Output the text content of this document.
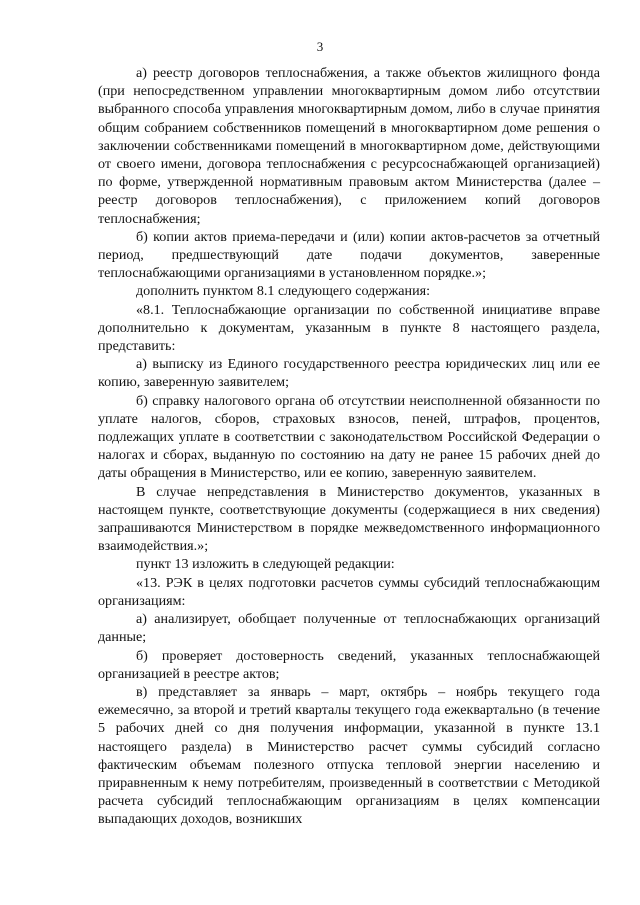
3

а) реестр договоров теплоснабжения, а также объектов жилищного фонда (при непосредственном управлении многоквартирным домом либо отсутствии выбранного способа управления многоквартирным домом, либо в случае принятия общим собранием собственников помещений в многоквартирном доме решения о заключении собственниками помещений в многоквартирном доме, действующими от своего имени, договора теплоснабжения с ресурсоснабжающей организацией) по форме, утвержденной нормативным правовым актом Министерства (далее – реестр договоров теплоснабжения), с приложением копий договоров теплоснабжения;

б) копии актов приема-передачи и (или) копии актов-расчетов за отчетный период, предшествующий дате подачи документов, заверенные теплоснабжающими организациями в установленном порядке.»;

дополнить пунктом 8.1 следующего содержания:

«8.1. Теплоснабжающие организации по собственной инициативе вправе дополнительно к документам, указанным в пункте 8 настоящего раздела, представить:

а) выписку из Единого государственного реестра юридических лиц или ее копию, заверенную заявителем;

б) справку налогового органа об отсутствии неисполненной обязанности по уплате налогов, сборов, страховых взносов, пеней, штрафов, процентов, подлежащих уплате в соответствии с законодательством Российской Федерации о налогах и сборах, выданную по состоянию на дату не ранее 15 рабочих дней до даты обращения в Министерство, или ее копию, заверенную заявителем.

В случае непредставления в Министерство документов, указанных в настоящем пункте, соответствующие документы (содержащиеся в них сведения) запрашиваются Министерством в порядке межведомственного информационного взаимодействия.»;

пункт 13 изложить в следующей редакции:

«13. РЭК в целях подготовки расчетов суммы субсидий теплоснабжающим организациям:

а) анализирует, обобщает полученные от теплоснабжающих организаций данные;

б) проверяет достоверность сведений, указанных теплоснабжающей организацией в реестре актов;

в) представляет за январь – март, октябрь – ноябрь текущего года ежемесячно, за второй и третий кварталы текущего года ежеквартально (в течение 5 рабочих дней со дня получения информации, указанной в пункте 13.1 настоящего раздела) в Министерство расчет суммы субсидий согласно фактическим объемам полезного отпуска тепловой энергии населению и приравненным к нему потребителям, произведенный в соответствии с Методикой расчета субсидий теплоснабжающим организациям в целях компенсации выпадающих доходов, возникших
